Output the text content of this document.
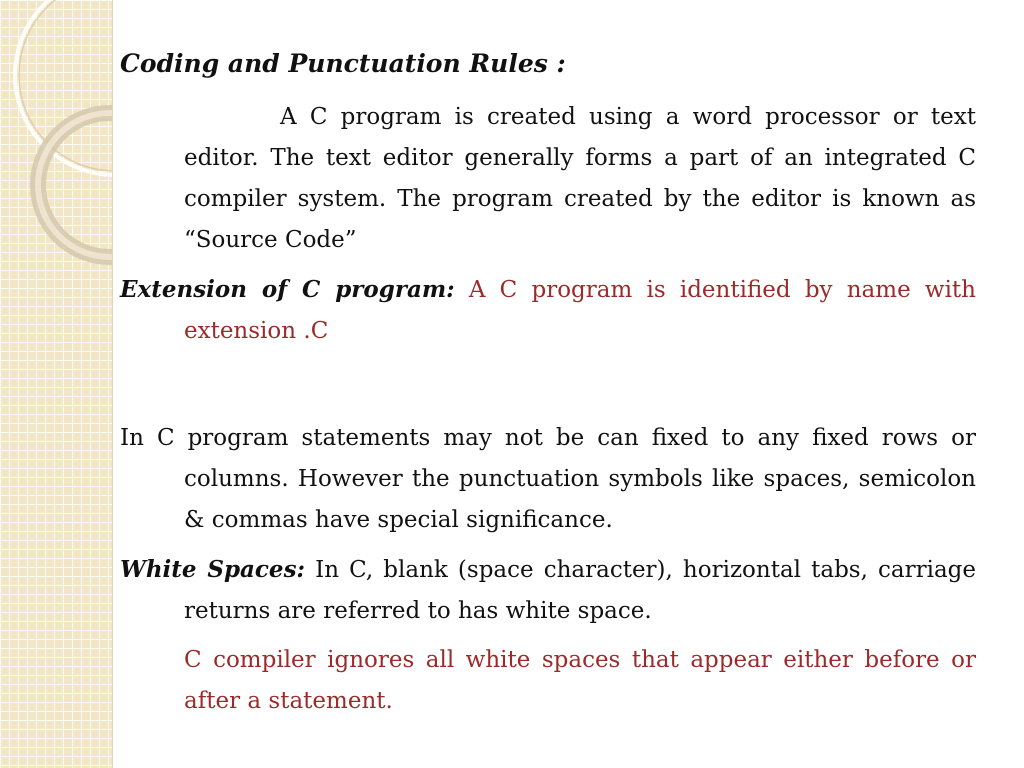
Coding and Punctuation Rules :
A C program is created using a word processor or text editor. The text editor generally forms a part of an integrated C compiler system. The program created by the editor is known as “Source Code”
Extension of C program: A C program is identified by name with extension .C
In C program statements may not be can fixed to any fixed rows or columns. However the punctuation symbols like spaces, semicolon & commas have special significance.
White Spaces: In C, blank (space character), horizontal tabs, carriage returns are referred to has white space.
C compiler ignores all white spaces that appear either before or after a statement.
